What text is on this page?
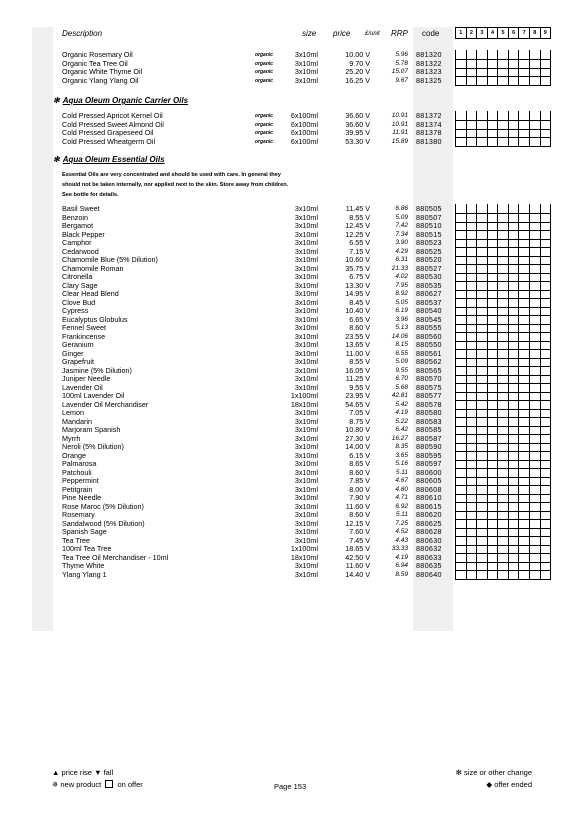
Description	size price £/unit RRP code	1	2	3	4	5	6	7	8	9
Organic Rosemary Oil	organic	3x10ml	10.00 V	5.96 881320
Organic Tea Tree Oil	organic	3x10ml	9.70 V	5.78 881322
Organic White Thyme Oil	organic	3x10ml	25.20 V	15.07 881323
Organic Ylang Ylang Oil	organic	3x10ml	16.25 V	9.67 881325
Cold Pressed Apricot Kernel Oil	organic 6x100ml	36.60 V	10.91 881372
Cold Pressed Sweet Almond Oil	organic 6x100ml	36.60 V	10.91 881374
Cold Pressed Grapeseed Oil	organic 6x100ml	39.95 V	11.91 881378
Cold Pressed Wheatgerm Oil	organic 6x100ml	53.30 V	15.89 881380
Basil Sweet	3x10ml	11.45 V	6.86 880505
Benzoin	3x10ml	8.55 V	5.09 880507
Bergamot	3x10ml	12.45 V	7.42 880510
Black Pepper	3x10ml	12.25 V	7.34 880515
Camphor	3x10ml	6.55 V	3.90 880523
Cedarwood	3x10ml	7.15 V	4.29 880525
Chamomile Blue (5% Dilution)	3x10ml	10.60 V	6.31 880520
Chamomile Roman	3x10ml	35.75 V	21.33 880527
Citronella	3x10ml	6.75 V	4.02 880530
Clary Sage	3x10ml	13.30 V	7.95 880535
Clear Head Blend	3x10ml	14.95 V	8.92 880627
Clove Bud	3x10ml	8.45 V	5.05 880537
Cypress	3x10ml	10.40 V	6.19 880540
Eucalyptus Globulus	3x10ml	6.65 V	3.96 880545
Fennel Sweet	3x10ml	8.60 V	5.13 880555
Frankincense	3x10ml	23.55 V	14.06 880560
Geranium	3x10ml	13.65 V	8.15 880550
Ginger	3x10ml	11.00 V	6.55 880561
Grapefruit	3x10ml	8.55 V	5.09 880562
Jasmine (5% Dilution)	3x10ml	16.05 V	9.55 880565
Juniper Needle	3x10ml	11.25 V	6.70 880570
Lavender Oil	3x10ml	9.55 V	5.68 880575
100ml Lavender Oil	1x100ml	23.95 V	42.81 880577
Lavender Oil Merchandiser	18x10ml	54.65 V	5.42 880578
Lemon	3x10ml	7.05 V	4.19 880580
Mandarin	3x10ml	8.75 V	5.22 880583
Marjoram Spanish	3x10ml	10.80 V	6.42 880585
Myrrh	3x10ml	27.30 V	16.27 880587
Neroli (5% Dilution)	3x10ml	14.00 V	8.35 880590
Orange	3x10ml	6.15 V	3.65 880595
Palmarosa	3x10ml	8.65 V	5.16 880597
Patchouli	3x10ml	8.60 V	5.11 880600
Peppermint	3x10ml	7.85 V	4.67 880605
Petitgrain	3x10ml	8.00 V	4.80 880608
Pine Needle	3x10ml	7.90 V	4.71 880610
Rose Maroc (5% Dilution)	3x10ml	11.60 V	6.92 880615
Rosemary	3x10ml	8.60 V	5.11 880620
Sandalwood (5% Dilution)	3x10ml	12.15 V	7.25 880625
Spanish Sage	3x10ml	7.60 V	4.52 880628
Tea Tree	3x10ml	7.45 V	4.43 880630
100ml Tea Tree	1x100ml	18.65 V	33.33 880632
Tea Tree Oil Merchandiser - 10ml	18x10ml	42.50 V	4.19 880633
Thyme White	3x10ml	11.60 V	6.94 880635
Ylang Ylang 1	3x10ml	14.40 V	8.59 880640
✻ Aqua Oleum Organic Carrier Oils
✻ Aqua Oleum Essential Oils
Essential Oils are very concentrated and should be used with care. In general they should not be taken internally, nor applied next to the skin. Store away from children. See bottle for details.
▲ price rise ▼ fall
✵ new product on offer	Page 153
✻ size or other change
◆ offer ended
